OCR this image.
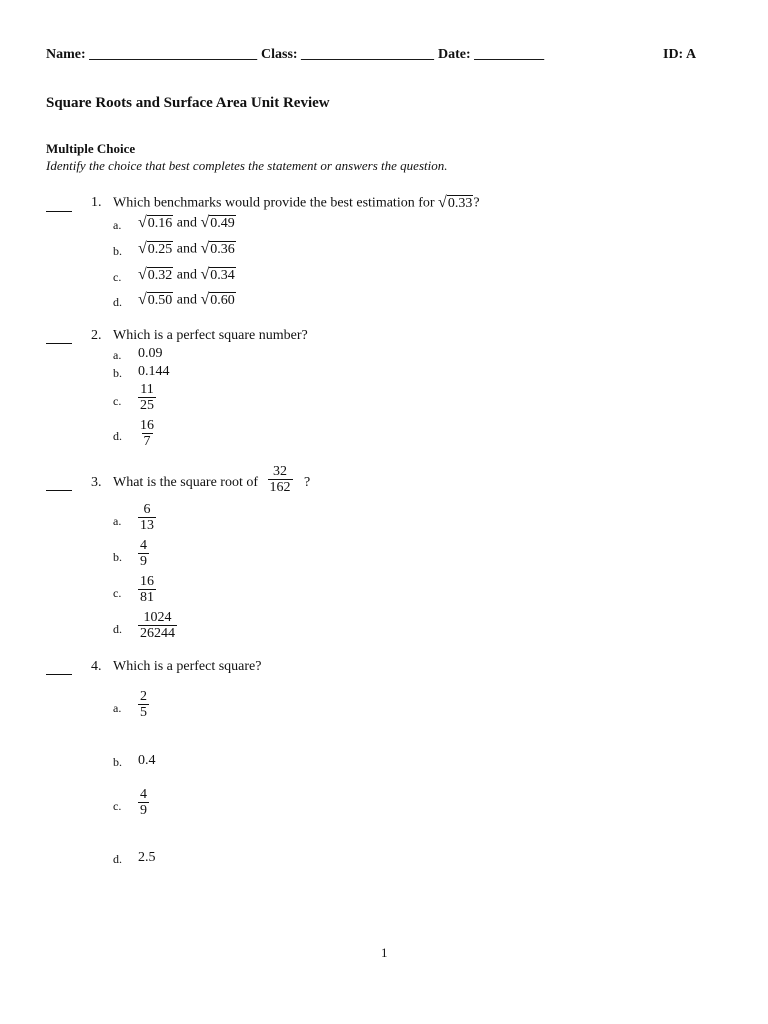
Name: ________________________ Class: ___________________ Date: __________	ID: A
Square Roots and Surface Area Unit Review
Multiple Choice
Identify the choice that best completes the statement or answers the question.
1. Which benchmarks would provide the best estimation for √ 0.33 ?
a. √ 0.16 and √ 0.49
b. √ 0.25 and √ 0.36
c. √ 0.32 and √ 0.34
d. √ 0.50 and √ 0.60
2. Which is a perfect square number?
a. 0.09
b. 0.144
c. $\frac{11}{25}$
d. $\frac{16}{7}$
3. What is the square root of $\frac{32}{162}$ ?
a. $\frac{6}{13}$
b. $\frac{4}{9}$
c. $\frac{16}{81}$
d. $\frac{1024}{26244}$
4. Which is a perfect square?
a. $\frac{2}{5}$
b. 0.4
c. $\frac{4}{9}$
d. 2.5
1
